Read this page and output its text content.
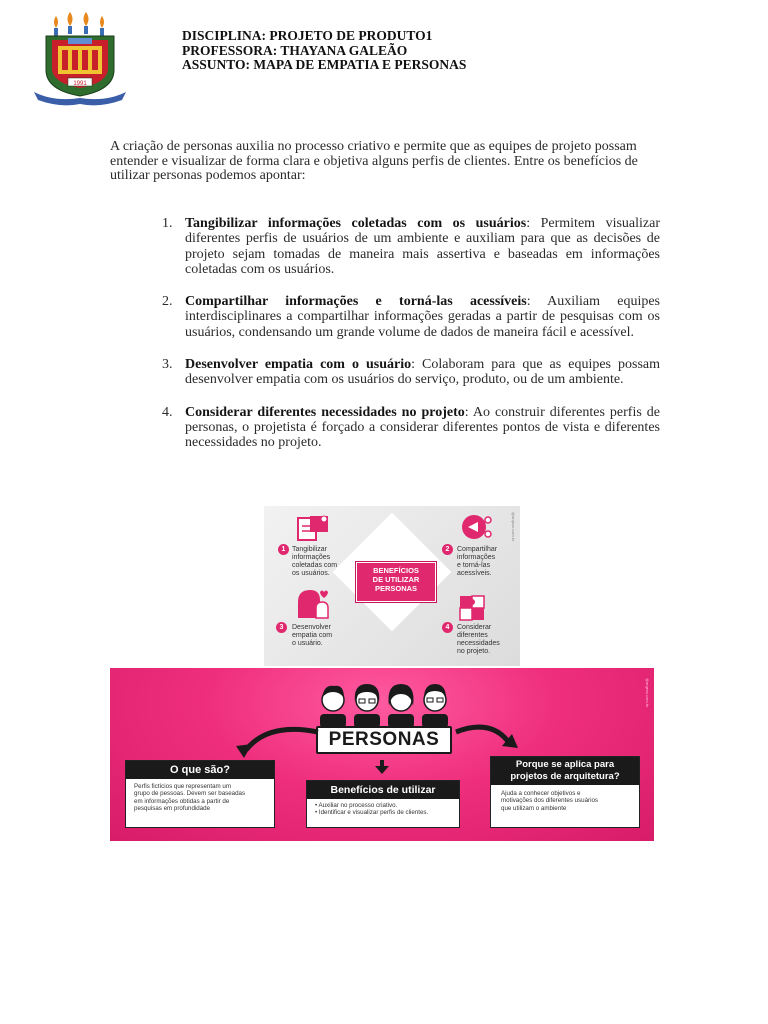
1991
DISCIPLINA: PROJETO DE PRODUTO1
PROFESSORA: THAYANA GALEÃO
ASSUNTO: MAPA DE EMPATIA E PERSONAS

A criação de personas auxilia no processo criativo e permite que as equipes de projeto possam entender e visualizar de forma clara e objetiva alguns perfis de clientes. Entre os benefícios de utilizar personas podemos apontar:

1. Tangibilizar informações coletadas com os usuários: Permitem visualizar diferentes perfis de usuários de um ambiente e auxiliam para que as decisões de projeto sejam tomadas de maneira mais assertiva e baseadas em informações coletadas com os usuários.
2. Compartilhar informações e torná-las acessíveis: Auxiliam equipes interdisciplinares a compartilhar informações geradas a partir de pesquisas com os usuários, condensando um grande volume de dados de maneira fácil e acessível.
3. Desenvolver empatia com o usuário: Colaboram para que as equipes possam desenvolver empatia com os usuários do serviço, produto, ou de um ambiente.
4. Considerar diferentes necessidades no projeto: Ao construir diferentes perfis de personas, o projetista é forçado a considerar diferentes pontos de vista e diferentes necessidades no projeto.
BENEFÍCIOS
DE UTILIZAR
PERSONAS
@arqexx.com.br
1 Tangibilizar
informações
coletadas com
os usuários.
2	Compartilhar
informações
e torná-las
acessíveis.
3	Desenvolver
empatia com
o usuário.
4	Considerar
diferentes
necessidades
no projeto.
@arqexx.com.br
PERSONAS
O que são?
Perfis fictícios que representam um
grupo de pessoas. Devem ser baseadas
em informações obtidas a partir de
pesquisas em profundidade
Benefícios de utilizar
• Auxiliar no processo criativo.
• Identificar e visualizar perfis de clientes.
Porque se aplica para
projetos de arquitetura?
Ajuda a conhecer objetivos e
motivações dos diferentes usuários
que utilizam o ambiente
